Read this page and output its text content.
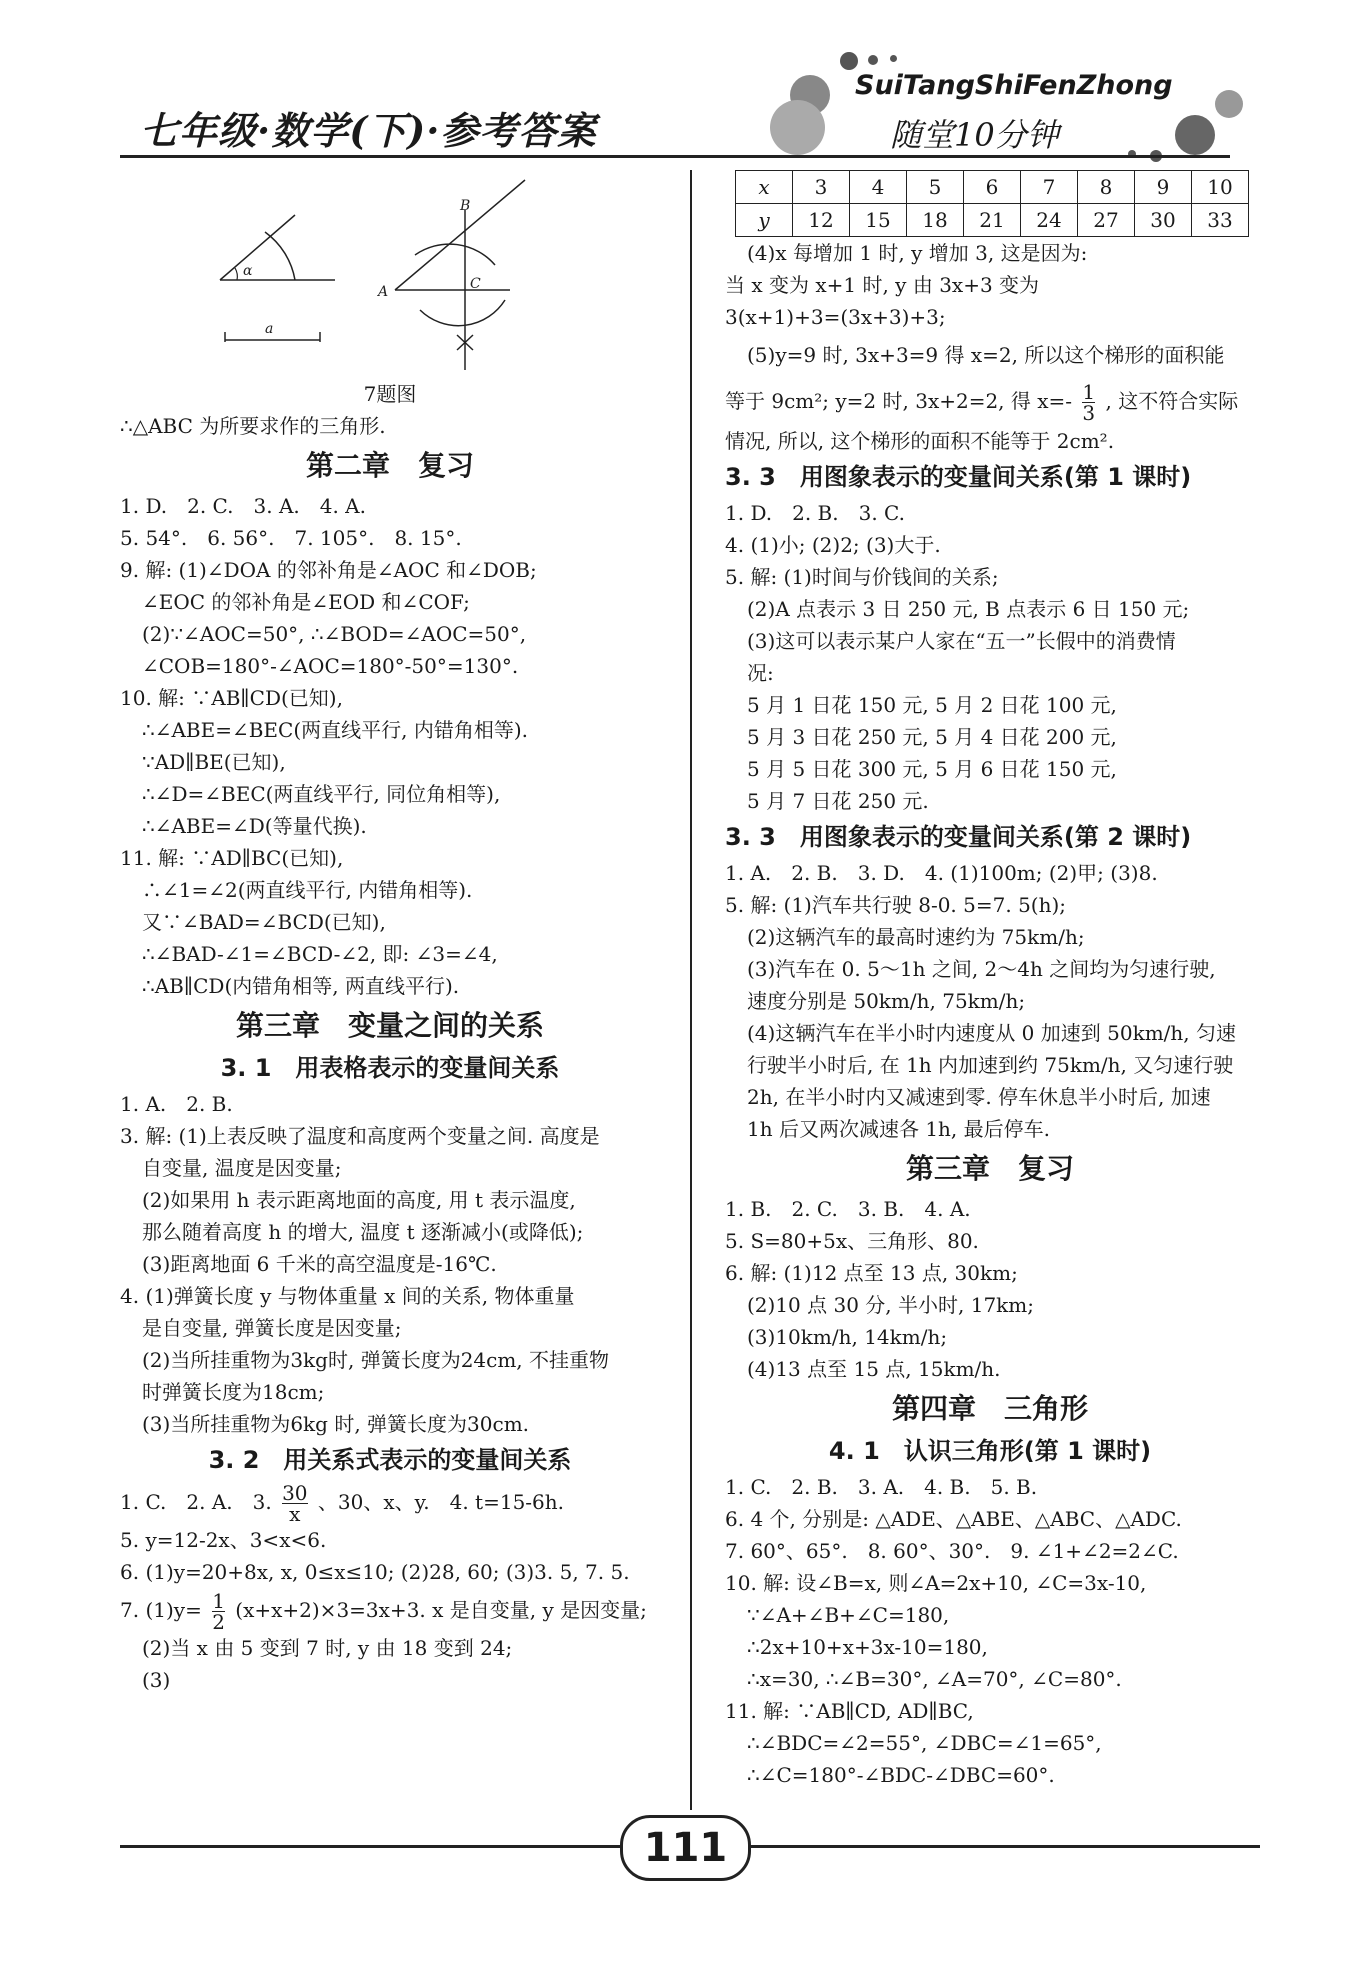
七年级·数学(下)·参考答案
SuiTangShiFenZhong
随堂10分钟
α
a
A
B
C
7题图
∴△ABC 为所要求作的三角形.
第二章　复习
1. D.　2. C.　3. A.　4. A.
5. 54°.　6. 56°.　7. 105°.　8. 15°.
9. 解: (1)∠DOA 的邻补角是∠AOC 和∠DOB;
∠EOC 的邻补角是∠EOD 和∠COF;
(2)∵∠AOC=50°, ∴∠BOD=∠AOC=50°,
∠COB=180°-∠AOC=180°-50°=130°.
10. 解: ∵AB∥CD(已知),
∴∠ABE=∠BEC(两直线平行, 内错角相等).
∵AD∥BE(已知),
∴∠D=∠BEC(两直线平行, 同位角相等),
∴∠ABE=∠D(等量代换).
11. 解: ∵AD∥BC(已知),
∴∠1=∠2(两直线平行, 内错角相等).
又∵∠BAD=∠BCD(已知),
∴∠BAD-∠1=∠BCD-∠2, 即: ∠3=∠4,
∴AB∥CD(内错角相等, 两直线平行).
第三章　变量之间的关系
3. 1　用表格表示的变量间关系
1. A.　2. B.
3. 解: (1)上表反映了温度和高度两个变量之间. 高度是
自变量, 温度是因变量;
(2)如果用 h 表示距离地面的高度, 用 t 表示温度,
那么随着高度 h 的增大, 温度 t 逐渐减小(或降低);
(3)距离地面 6 千米的高空温度是-16℃.
4. (1)弹簧长度 y 与物体重量 x 间的关系, 物体重量
是自变量, 弹簧长度是因变量;
(2)当所挂重物为3kg时, 弹簧长度为24cm, 不挂重物
时弹簧长度为18cm;
(3)当所挂重物为6kg 时, 弹簧长度为30cm.
3. 2　用关系式表示的变量间关系
1. C.　2. A.　3. $\frac{30}{x}$ 、30、x、y.　4. t=15-6h.
5. y=12-2x、3<x<6.
6. (1)y=20+8x, x, 0≤x≤10; (2)28, 60; (3)3. 5, 7. 5.
7. $(1)y= \frac{1}{2} (x+x+2)\times 3=3x+3$. x 是自变量, y 是因变量;
(2)当 x 由 5 变到 7 时, y 由 18 变到 24;
(3)
x	3	4	5	6	7	8	9	10
y	12	15	18	21	24	27	30	33
(4)x 每增加 1 时, y 增加 3, 这是因为:
当 x 变为 x+1 时, y 由 3x+3 变为
3(x+1)+3=(3x+3)+3;
(5)y=9 时, 3x+3=9 得 x=2, 所以这个梯形的面积能
等于 9cm²; y=2 时, 3x+2=2, 得 $x=- \frac{1}{3}$ , 这不符合实际
情况, 所以, 这个梯形的面积不能等于 2cm².
3. 3　用图象表示的变量间关系(第 1 课时)
1. D.　2. B.　3. C.
4. (1)小; (2)2; (3)大于.
5. 解: (1)时间与价钱间的关系;
(2)A 点表示 3 日 250 元, B 点表示 6 日 150 元;
(3)这可以表示某户人家在“五一”长假中的消费情
况:
5 月 1 日花 150 元, 5 月 2 日花 100 元,
5 月 3 日花 250 元, 5 月 4 日花 200 元,
5 月 5 日花 300 元, 5 月 6 日花 150 元,
5 月 7 日花 250 元.
3. 3　用图象表示的变量间关系(第 2 课时)
1. A.　2. B.　3. D.　4. (1)100m; (2)甲; (3)8.
5. 解: (1)汽车共行驶 8-0. 5=7. 5(h);
(2)这辆汽车的最高时速约为 75km/h;
(3)汽车在 0. 5～1h 之间, 2～4h 之间均为匀速行驶,
速度分别是 50km/h, 75km/h;
(4)这辆汽车在半小时内速度从 0 加速到 50km/h, 匀速
行驶半小时后, 在 1h 内加速到约 75km/h, 又匀速行驶
2h, 在半小时内又减速到零. 停车休息半小时后, 加速
1h 后又两次减速各 1h, 最后停车.
第三章　复习
1. B.　2. C.　3. B.　4. A.
5. S=80+5x、三角形、80.
6. 解: (1)12 点至 13 点, 30km;
(2)10 点 30 分, 半小时, 17km;
(3)10km/h, 14km/h;
(4)13 点至 15 点, 15km/h.
第四章　三角形
4. 1　认识三角形(第 1 课时)
1. C.　2. B.　3. A.　4. B.　5. B.
6. 4 个, 分别是: △ADE、△ABE、△ABC、△ADC.
7. 60°、65°.　8. 60°、30°.　9. ∠1+∠2=2∠C.
10. 解: 设∠B=x, 则∠A=2x+10, ∠C=3x-10,
∵∠A+∠B+∠C=180,
∴2x+10+x+3x-10=180,
∴x=30, ∴∠B=30°, ∠A=70°, ∠C=80°.
11. 解: ∵AB∥CD, AD∥BC,
∴∠BDC=∠2=55°, ∠DBC=∠1=65°,
∴∠C=180°-∠BDC-∠DBC=60°.
111
